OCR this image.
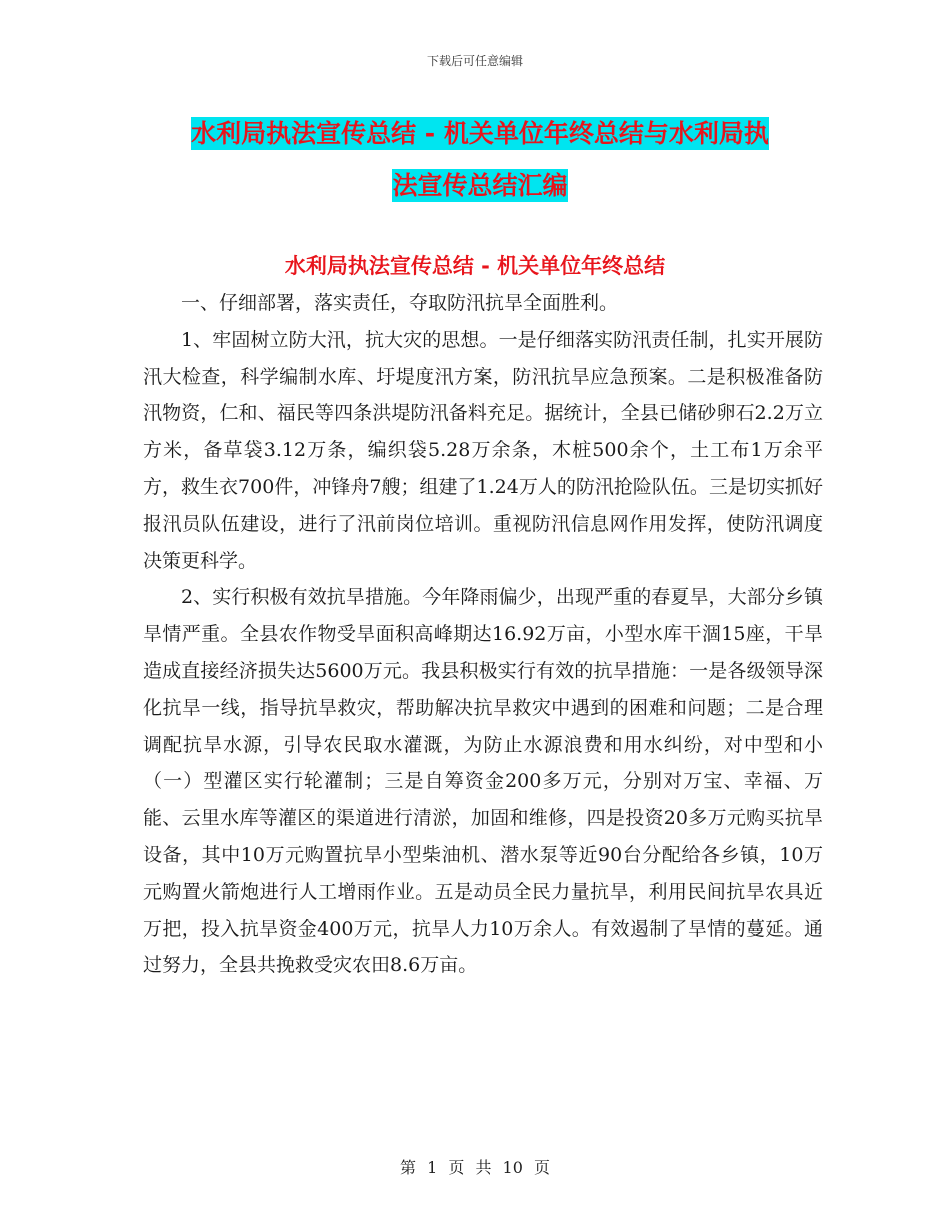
下载后可任意编辑
水利局执法宣传总结 - 机关单位年终总结与水利局执
法宣传总结汇编
水利局执法宣传总结 - 机关单位年终总结

一、仔细部署，落实责任，夺取防汛抗旱全面胜利。

1、牢固树立防大汛，抗大灾的思想。一是仔细落实防汛责任制，扎实开展防汛大检查，科学编制水库、圩堤度汛方案，防汛抗旱应急预案。二是积极准备防汛物资，仁和、福民等四条洪堤防汛备料充足。据统计，全县已储砂卵石2.2万立方米，备草袋3.12万条，编织袋5.28万余条，木桩500余个，土工布1万余平方，救生衣700件，冲锋舟7艘；组建了1.24万人的防汛抢险队伍。三是切实抓好报汛员队伍建设，进行了汛前岗位培训。重视防汛信息网作用发挥，使防汛调度决策更科学。

2、实行积极有效抗旱措施。今年降雨偏少，出现严重的春夏旱，大部分乡镇旱情严重。全县农作物受旱面积高峰期达16.92万亩，小型水库干涸15座，干旱造成直接经济损失达5600万元。我县积极实行有效的抗旱措施：一是各级领导深化抗旱一线，指导抗旱救灾，帮助解决抗旱救灾中遇到的困难和问题；二是合理调配抗旱水源，引导农民取水灌溉，为防止水源浪费和用水纠纷，对中型和小（一）型灌区实行轮灌制；三是自筹资金200多万元，分别对万宝、幸福、万能、云里水库等灌区的渠道进行清淤，加固和维修，四是投资20多万元购买抗旱设备，其中10万元购置抗旱小型柴油机、潜水泵等近90台分配给各乡镇，10万元购置火箭炮进行人工增雨作业。五是动员全民力量抗旱，利用民间抗旱农具近万把，投入抗旱资金400万元，抗旱人力10万余人。有效遏制了旱情的蔓延。通过努力，全县共挽救受灾农田8.6万亩。

第 1 页 共 10 页
